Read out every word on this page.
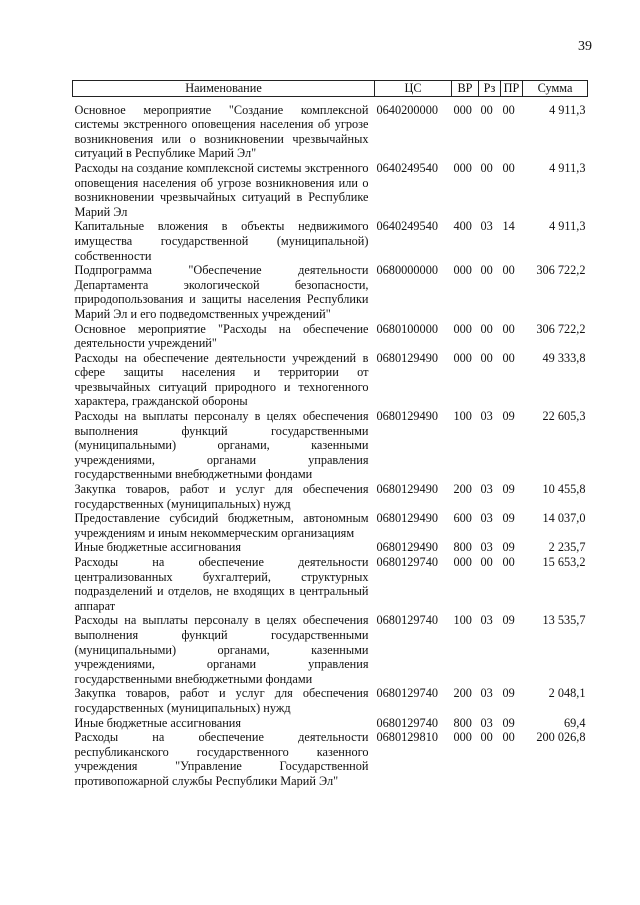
39
Наименование	ЦС	ВР	Рз	ПР	Сумма
Основное мероприятие "Создание комплексной системы экстренного оповещения населения об угрозе возникновения или о возникновении чрезвычайных ситуаций в Республике Марий Эл"	0640200000	000	00	00	4 911,3
Расходы на создание комплексной системы экстренного оповещения населения об угрозе возникновения или о возникновении чрезвычайных ситуаций в Республике Марий Эл	0640249540	000	00	00	4 911,3
Капитальные вложения в объекты недвижимого имущества государственной (муниципальной) собственности	0640249540	400	03	14	4 911,3
Подпрограмма "Обеспечение деятельности Департамента экологической безопасности, природопользования и защиты населения Республики Марий Эл и его подведомственных учреждений"	0680000000	000	00	00	306 722,2
Основное мероприятие "Расходы на обеспечение деятельности учреждений"	0680100000	000	00	00	306 722,2
Расходы на обеспечение деятельности учреждений в сфере защиты населения и территории от чрезвычайных ситуаций природного и техногенного характера, гражданской обороны	0680129490	000	00	00	49 333,8
Расходы на выплаты персоналу в целях обеспечения выполнения функций государственными (муниципальными) органами, казенными учреждениями, органами управления государственными внебюджетными фондами	0680129490	100	03	09	22 605,3
Закупка товаров, работ и услуг для обеспечения государственных (муниципальных) нужд	0680129490	200	03	09	10 455,8
Предоставление субсидий бюджетным, автономным учреждениям и иным некоммерческим организациям	0680129490	600	03	09	14 037,0
Иные бюджетные ассигнования	0680129490	800	03	09	2 235,7
Расходы на обеспечение деятельности централизованных бухгалтерий, структурных подразделений и отделов, не входящих в центральный аппарат	0680129740	000	00	00	15 653,2
Расходы на выплаты персоналу в целях обеспечения выполнения функций государственными (муниципальными) органами, казенными учреждениями, органами управления государственными внебюджетными фондами	0680129740	100	03	09	13 535,7
Закупка товаров, работ и услуг для обеспечения государственных (муниципальных) нужд	0680129740	200	03	09	2 048,1
Иные бюджетные ассигнования	0680129740	800	03	09	69,4
Расходы на обеспечение деятельности республиканского государственного казенного учреждения "Управление Государственной противопожарной службы Республики Марий Эл"	0680129810	000	00	00	200 026,8
